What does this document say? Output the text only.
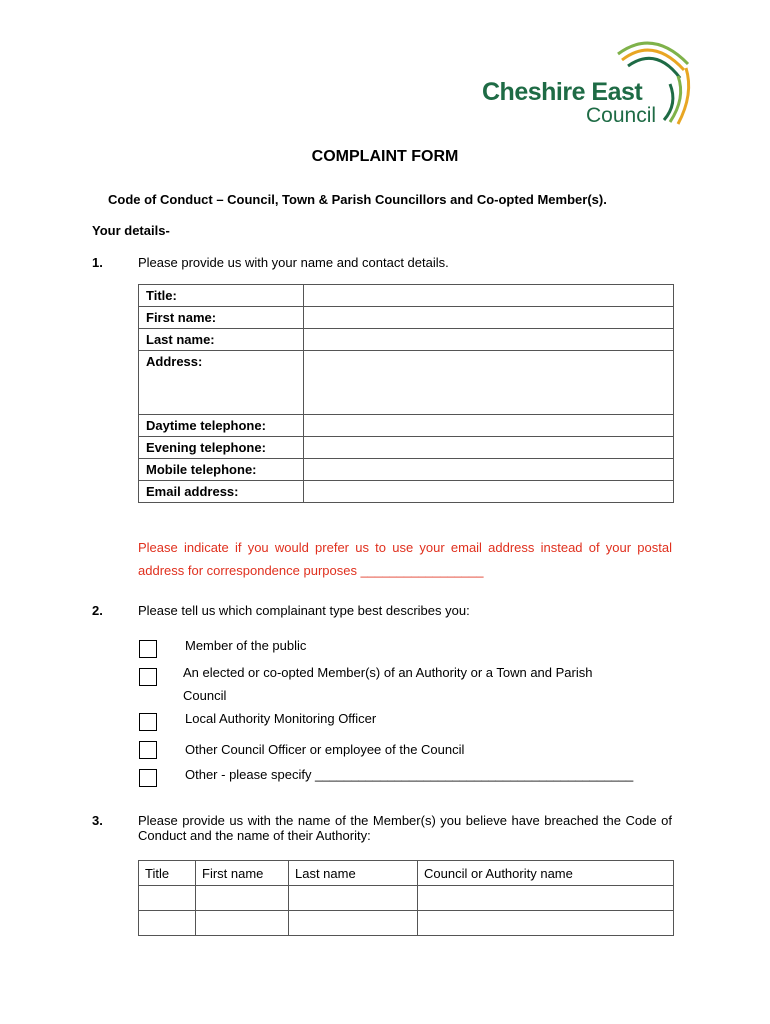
Cheshire East
Council
COMPLAINT FORM
Code of Conduct – Council, Town & Parish Councillors and Co-opted Member(s).
Your details-
1.	Please provide us with your name and contact details.
Title:	
First name:	
Last name:	
Address:	
Daytime telephone:	
Evening telephone:	
Mobile telephone:	
Email address:	
Please indicate if you would prefer us to use your email address instead of your postal address for correspondence purposes _________________
2.	Please tell us which complainant type best describes you:
Member of the public
An elected or co-opted Member(s) of an Authority or a Town and Parish
Council
Local Authority Monitoring Officer
Other Council Officer or employee of the Council
Other - please specify ____________________________________________
3.	Please provide us with the name of the Member(s) you believe have breached the Code of Conduct and the name of their Authority:
Title	First name	Last name	Council or Authority name
